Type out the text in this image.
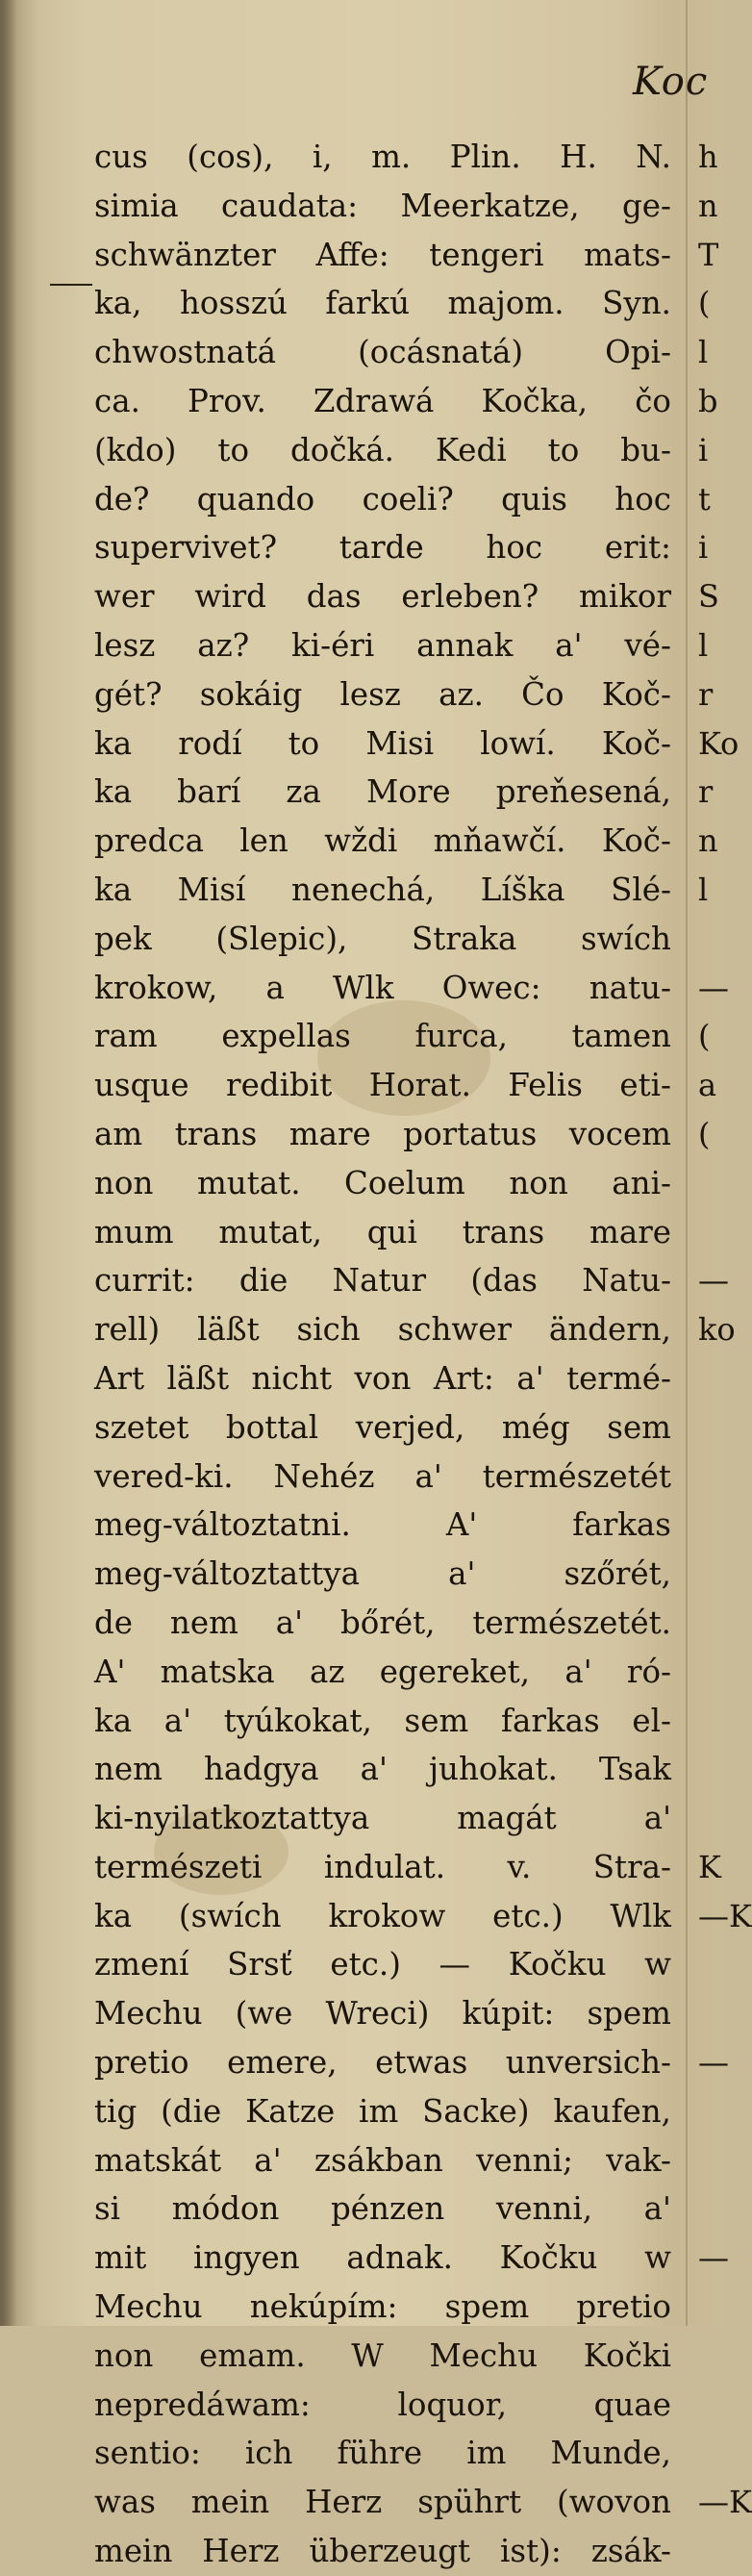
Koc
cus (cos), i, m. Plin. H. N.
simia caudata: Meerkatze, ge-
schwänzter Affe: tengeri mats-
ka, hosszú farkú majom. Syn.
chwostnatá (ocásnatá) Opi-
ca. Prov. Zdrawá Kočka, čo
(kdo) to dočká. Kedi to bu-
de? quando coeli? quis hoc
supervivet? tarde hoc erit:
wer wird das erleben? mikor
lesz az? ki-éri annak a' vé-
gét? sokáig lesz az. Čo Koč-
ka rodí to Misi lowí. Koč-
ka barí za More preňesená,
predca len wždi mňawčí. Koč-
ka Misí nenechá, Líška Slé-
pek (Slepic), Straka swích
krokow, a Wlk Owec: natu-
ram expellas furca, tamen
usque redibit Horat. Felis eti-
am trans mare portatus vocem
non mutat. Coelum non ani-
mum mutat, qui trans mare
currit: die Natur (das Natu-
rell) läßt sich schwer ändern,
Art läßt nicht von Art: a' termé-
szetet bottal verjed, még sem
vered-ki. Nehéz a' természetét
meg-változtatni. A' farkas
meg-változtattya a' szőrét,
de nem a' bőrét, természetét.
A' matska az egereket, a' ró-
ka a' tyúkokat, sem farkas el-
nem hadgya a' juhokat. Tsak
ki-nyilatkoztattya magát a'
természeti indulat. v. Stra-
ka (swích krokow etc.) Wlk
zmení Srsť etc.) — Kočku w
Mechu (we Wreci) kúpit: spem
pretio emere, etwas unversich-
tig (die Katze im Sacke) kaufen,
matskát a' zsákban venni; vak-
si módon pénzen venni, a'
mit ingyen adnak. Kočku w
Mechu nekúpím: spem pretio
non emam. W Mechu Kočki
nepredáwam: loquor, quae
sentio: ich führe im Munde,
was mein Herz spührt (wovon
mein Herz überzeugt ist): zsák-
h
n
T
(
l
b
i
t
i
S
l
r
Ko
r
n
l
—
(
a
(
—
ko
K
—K
—
—
—K
